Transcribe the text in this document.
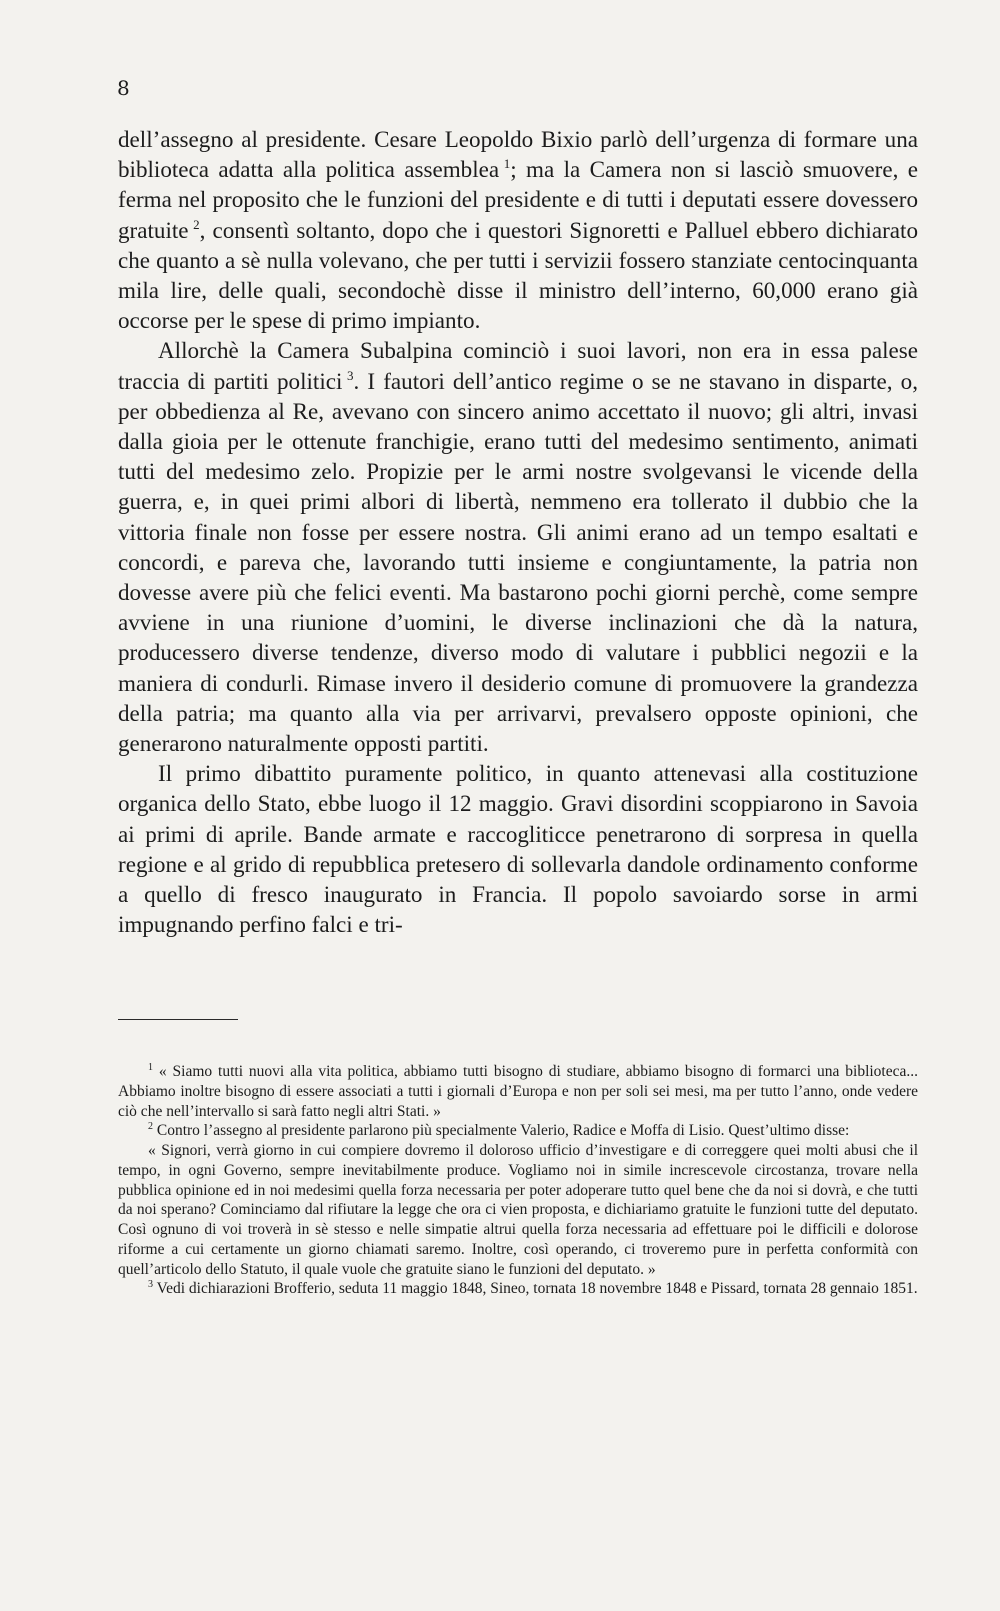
8

dell’assegno al presidente. Cesare Leopoldo Bixio parlò dell’urgenza di formare una biblioteca adatta alla politica assemblea  $^1$; ma la Camera non si lasciò smuovere, e ferma nel proposito che le funzioni del presidente e di tutti i deputati essere dovessero gratuite  $^2$, consentì soltanto, dopo che i questori Signoretti e Palluel ebbero dichiarato che quanto a sè nulla volevano, che per tutti i servizii fossero stanziate centocinquanta mila lire, delle quali, secondochè disse il ministro dell’interno, 60,000 erano già occorse per le spese di primo impianto.

Allorchè la Camera Subalpina cominciò i suoi lavori, non era in essa palese traccia di partiti politici  $^3$. I fautori dell’antico regime o se ne stavano in disparte, o, per obbedienza al Re, avevano con sincero animo accettato il nuovo; gli altri, invasi dalla gioia per le ottenute franchigie, erano tutti del medesimo sentimento, animati tutti del medesimo zelo. Propizie per le armi nostre svolgevansi le vicende della guerra, e, in quei primi albori di libertà, nemmeno era tollerato il dubbio che la vittoria finale non fosse per essere nostra. Gli animi erano ad un tempo esaltati e concordi, e pareva che, lavorando tutti insieme e congiuntamente, la patria non dovesse avere più che felici eventi. Ma bastarono pochi giorni perchè, come sempre avviene in una riunione d’uomini, le diverse inclinazioni che dà la natura, producessero diverse tendenze, diverso modo di valutare i pubblici negozii e la maniera di condurli. Rimase invero il desiderio comune di promuovere la grandezza della patria; ma quanto alla via per arrivarvi, prevalsero opposte opinioni, che generarono naturalmente opposti partiti.

Il primo dibattito puramente politico, in quanto attenevasi alla costituzione organica dello Stato, ebbe luogo il 12 maggio. Gravi disordini scoppiarono in Savoia ai primi di aprile. Bande armate e raccogliticce penetrarono di sorpresa in quella regione e al grido di repubblica pretesero di sollevarla dandole ordinamento conforme a quello di fresco inaugurato in Francia. Il popolo savoiardo sorse in armi impugnando perfino falci e tri-

$^1$ « Siamo tutti nuovi alla vita politica, abbiamo tutti bisogno di studiare, abbiamo bisogno di formarci una biblioteca... Abbiamo inoltre bisogno di essere associati a tutti i giornali d’Europa e non per soli sei mesi, ma per tutto l’anno, onde vedere ciò che nell’intervallo si sarà fatto negli altri Stati. »

$^2$ Contro l’assegno al presidente parlarono più specialmente Valerio, Radice e Moffa di Lisio. Quest’ultimo disse:

« Signori, verrà giorno in cui compiere dovremo il doloroso ufficio d’investigare e di correggere quei molti abusi che il tempo, in ogni Governo, sempre inevitabilmente produce. Vogliamo noi in simile increscevole circostanza, trovare nella pubblica opinione ed in noi medesimi quella forza necessaria per poter adoperare tutto quel bene che da noi si dovrà, e che tutti da noi sperano? Cominciamo dal rifiutare la legge che ora ci vien proposta, e dichiariamo gratuite le funzioni tutte del deputato. Così ognuno di voi troverà in sè stesso e nelle simpatie altrui quella forza necessaria ad effettuare poi le difficili e dolorose riforme a cui certamente un giorno chiamati saremo. Inoltre, così operando, ci troveremo pure in perfetta conformità con quell’articolo dello Statuto, il quale vuole che gratuite siano le funzioni del deputato. »

$^3$ Vedi dichiarazioni Brofferio, seduta 11 maggio 1848, Sineo, tornata 18 novembre 1848 e Pissard, tornata 28 gennaio 1851.
